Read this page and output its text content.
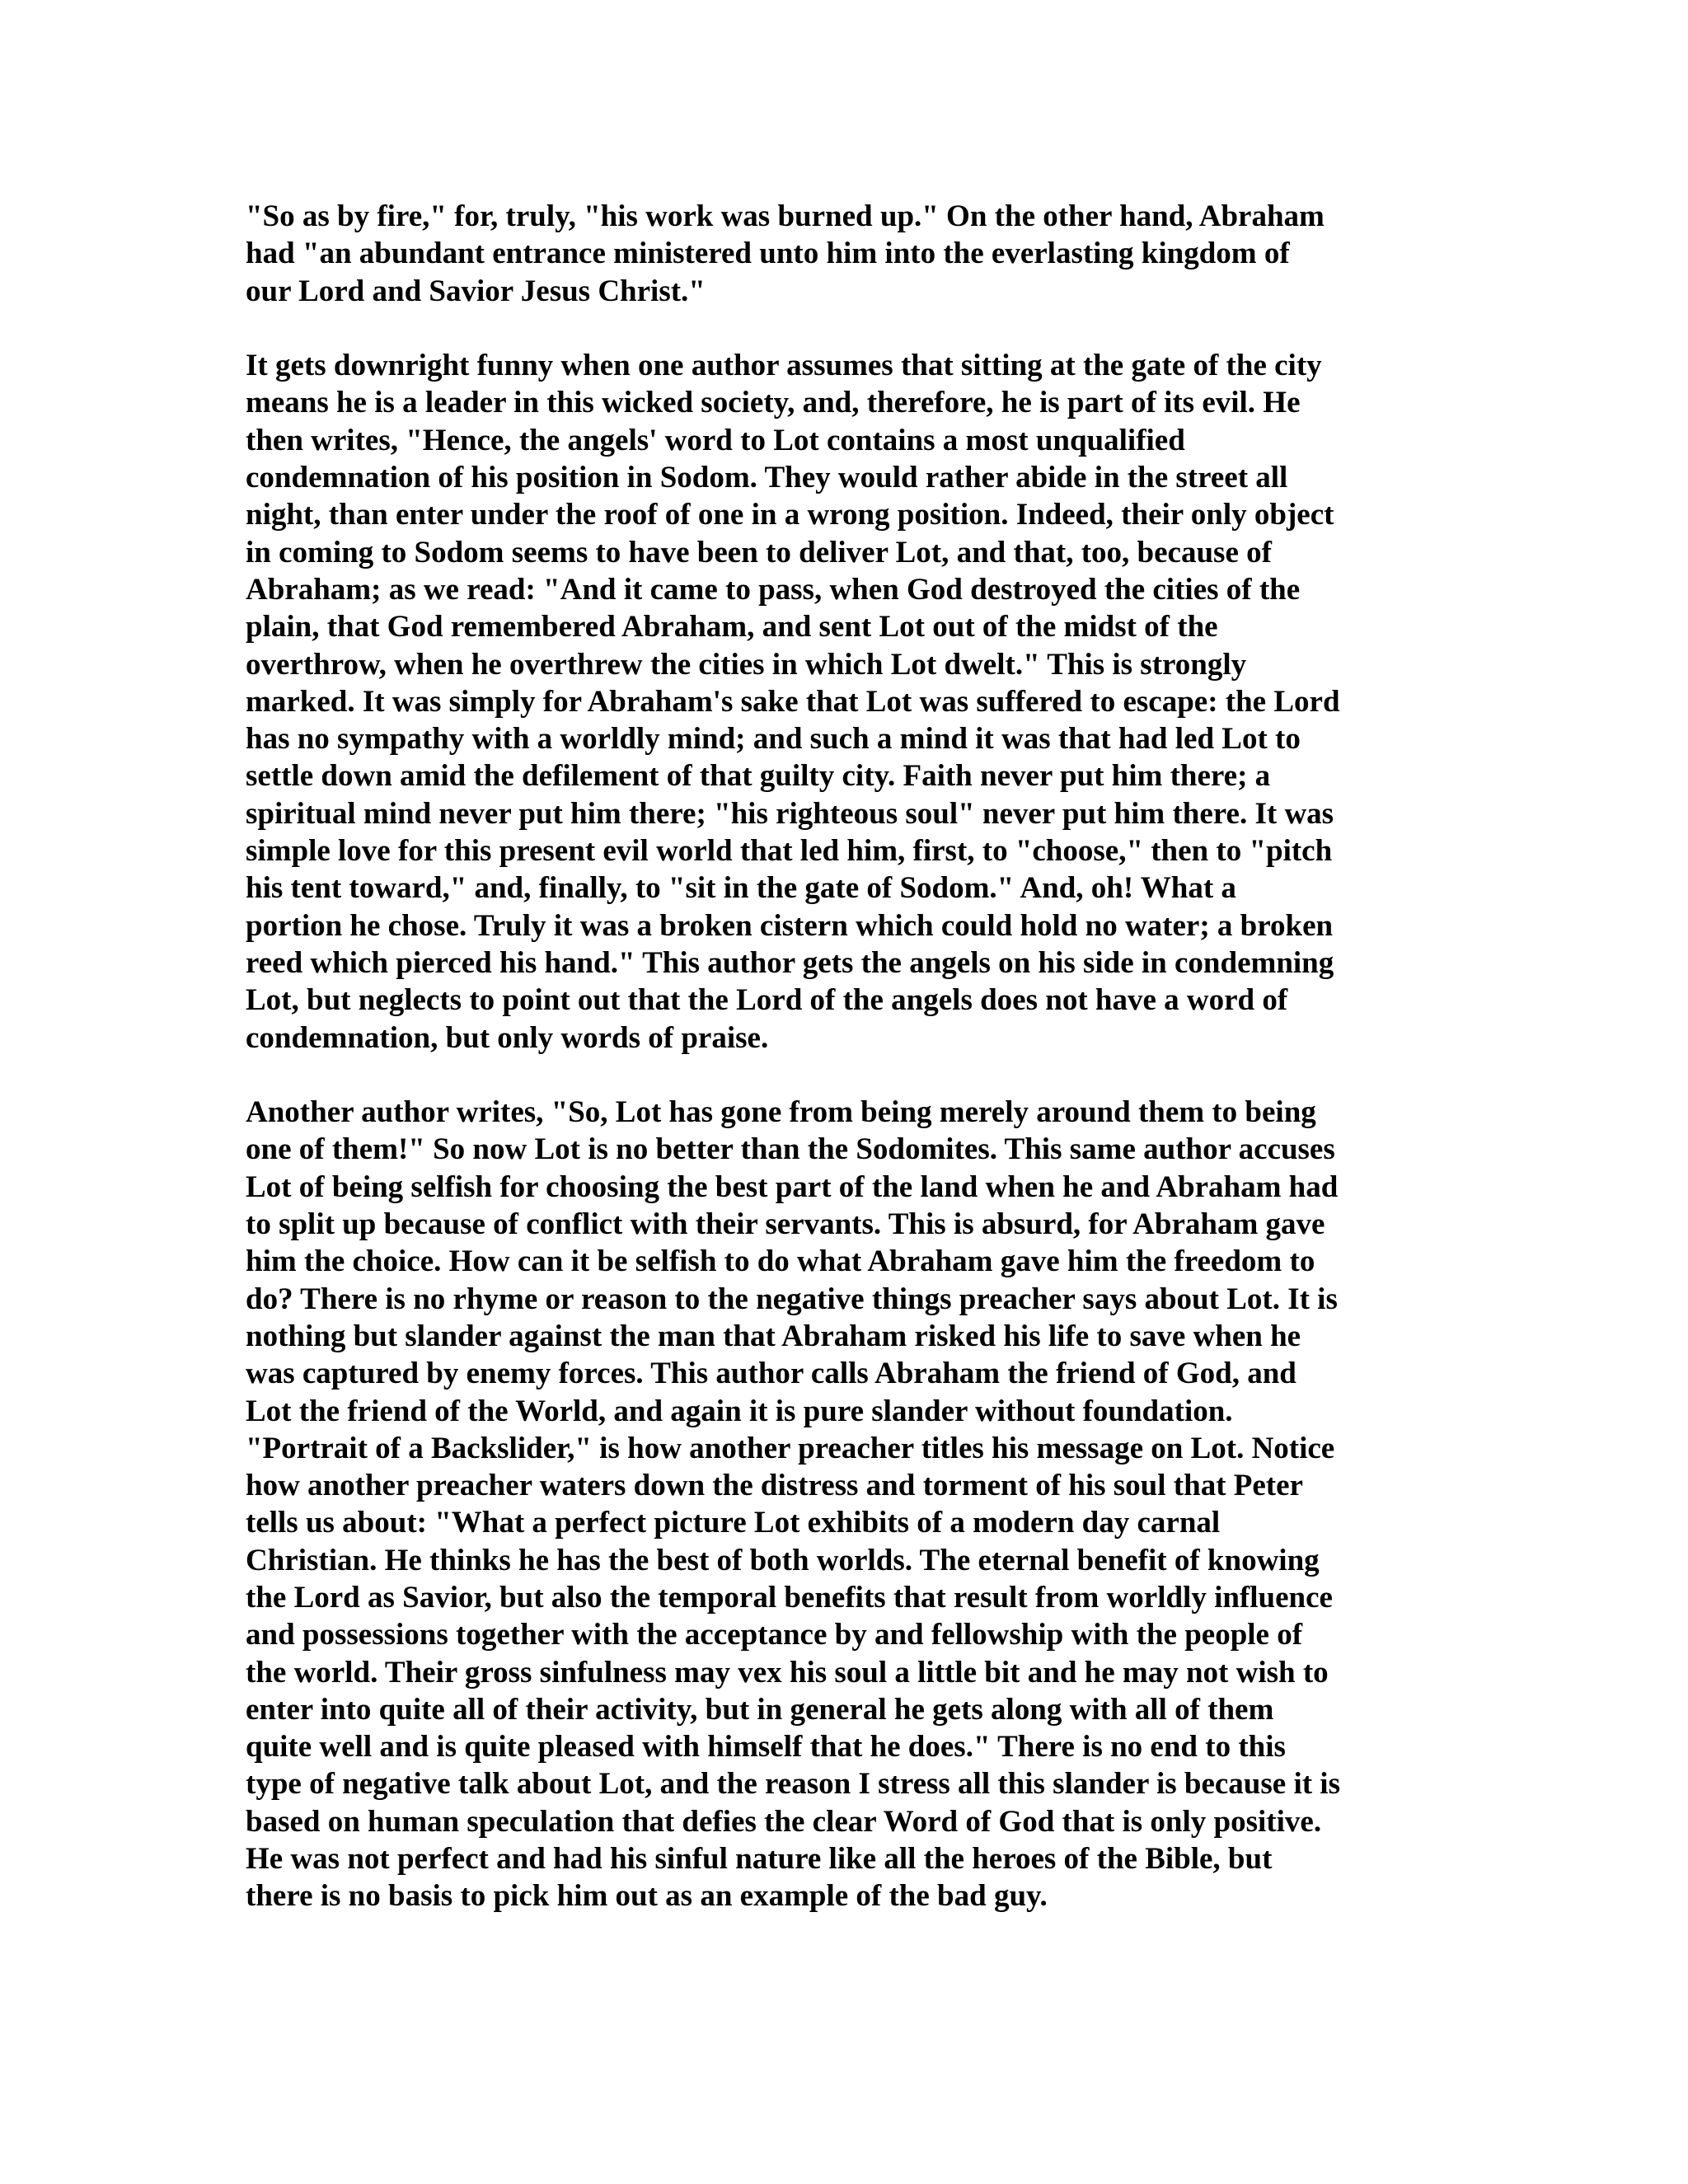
"So as by fire," for, truly, "his work was burned up." On the other hand, Abraham
had "an abundant entrance ministered unto him into the everlasting kingdom of
our Lord and Savior Jesus Christ."

It gets downright funny when one author assumes that sitting at the gate of the city
means he is a leader in this wicked society, and, therefore, he is part of its evil. He
then writes, "Hence, the angels' word to Lot contains a most unqualified
condemnation of his position in Sodom. They would rather abide in the street all
night, than enter under the roof of one in a wrong position. Indeed, their only object
in coming to Sodom seems to have been to deliver Lot, and that, too, because of
Abraham; as we read: "And it came to pass, when God destroyed the cities of the
plain, that God remembered Abraham, and sent Lot out of the midst of the
overthrow, when he overthrew the cities in which Lot dwelt." This is strongly
marked. It was simply for Abraham's sake that Lot was suffered to escape: the Lord
has no sympathy with a worldly mind; and such a mind it was that had led Lot to
settle down amid the defilement of that guilty city. Faith never put him there; a
spiritual mind never put him there; "his righteous soul" never put him there. It was
simple love for this present evil world that led him, first, to "choose," then to "pitch
his tent toward," and, finally, to "sit in the gate of Sodom." And, oh! What a
portion he chose. Truly it was a broken cistern which could hold no water; a broken
reed which pierced his hand." This author gets the angels on his side in condemning
Lot, but neglects to point out that the Lord of the angels does not have a word of
condemnation, but only words of praise.

Another author writes, "So, Lot has gone from being merely around them to being
one of them!" So now Lot is no better than the Sodomites. This same author accuses
Lot of being selfish for choosing the best part of the land when he and Abraham had
to split up because of conflict with their servants. This is absurd, for Abraham gave
him the choice. How can it be selfish to do what Abraham gave him the freedom to
do? There is no rhyme or reason to the negative things preacher says about Lot. It is
nothing but slander against the man that Abraham risked his life to save when he
was captured by enemy forces. This author calls Abraham the friend of God, and
Lot the friend of the World, and again it is pure slander without foundation.
"Portrait of a Backslider," is how another preacher titles his message on Lot. Notice
how another preacher waters down the distress and torment of his soul that Peter
tells us about: "What a perfect picture Lot exhibits of a modern day carnal
Christian. He thinks he has the best of both worlds. The eternal benefit of knowing
the Lord as Savior, but also the temporal benefits that result from worldly influence
and possessions together with the acceptance by and fellowship with the people of
the world. Their gross sinfulness may vex his soul a little bit and he may not wish to
enter into quite all of their activity, but in general he gets along with all of them
quite well and is quite pleased with himself that he does." There is no end to this
type of negative talk about Lot, and the reason I stress all this slander is because it is
based on human speculation that defies the clear Word of God that is only positive.
He was not perfect and had his sinful nature like all the heroes of the Bible, but
there is no basis to pick him out as an example of the bad guy.
